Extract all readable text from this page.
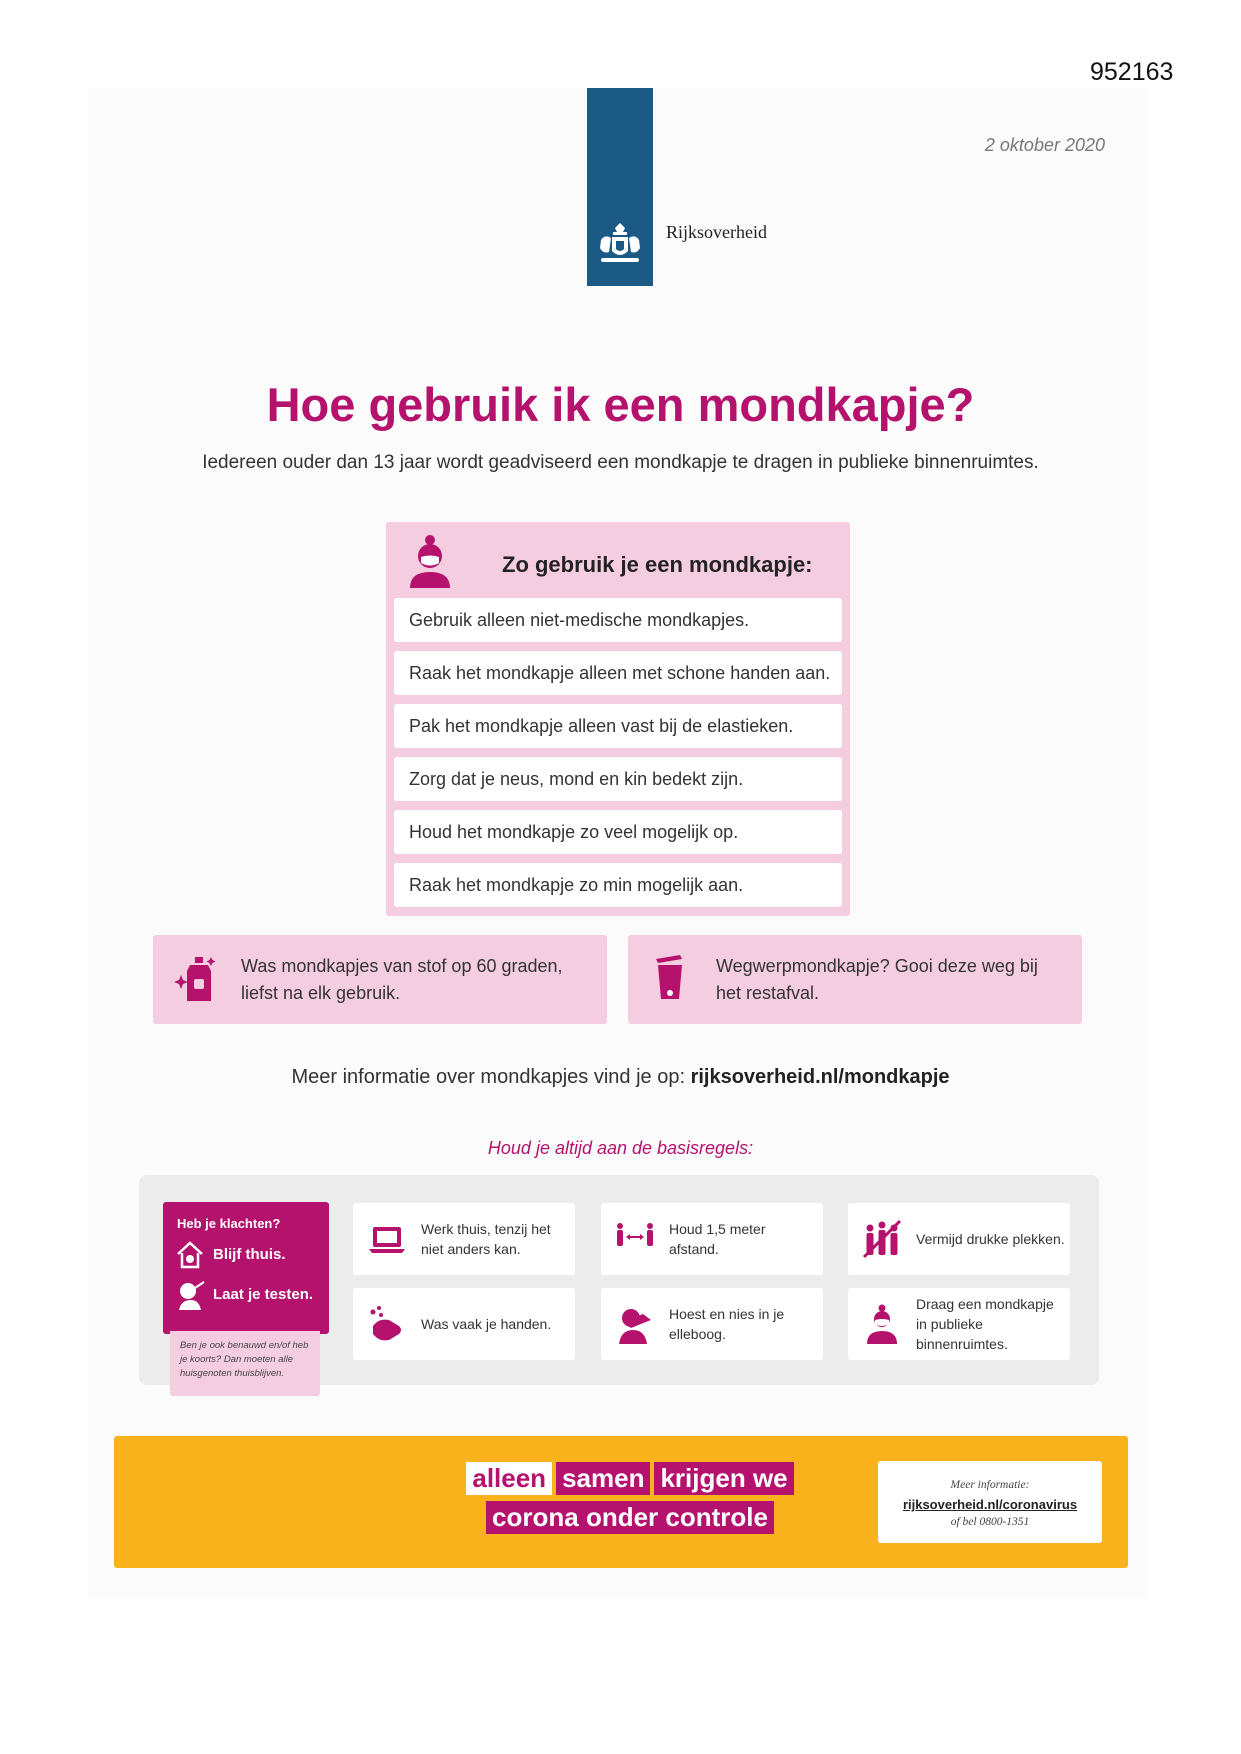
952163
Rijksoverheid
2 oktober 2020
Hoe gebruik ik een mondkapje?

Iedereen ouder dan 13 jaar wordt geadviseerd een mondkapje te dragen in publieke binnenruimtes.

Zo gebruik je een mondkapje:
Gebruik alleen niet-medische mondkapjes.
Raak het mondkapje alleen met schone handen aan.
Pak het mondkapje alleen vast bij de elastieken.
Zorg dat je neus, mond en kin bedekt zijn.
Houd het mondkapje zo veel mogelijk op.
Raak het mondkapje zo min mogelijk aan.
Was mondkapjes van stof op 60 graden, liefst na elk gebruik.
Wegwerpmondkapje? Gooi deze weg bij het restafval.

Meer informatie over mondkapjes vind je op: rijksoverheid.nl/mondkapje

Houd je altijd aan de basisregels:
Heb je klachten?
Blijf thuis.
Laat je testen.
Ben je ook benauwd en/of heb je koorts? Dan moeten alle huisgenoten thuisblijven.
Werk thuis, tenzij het niet anders kan.
Houd 1,5 meter afstand.
Vermijd drukke plekken.
Was vaak je handen.
Hoest en nies in je elleboog.
Draag een mondkapje in publieke binnenruimtes.
alleen samen krijgen we
corona onder controle
Meer informatie:
rijksoverheid.nl/coronavirus
of bel 0800-1351
